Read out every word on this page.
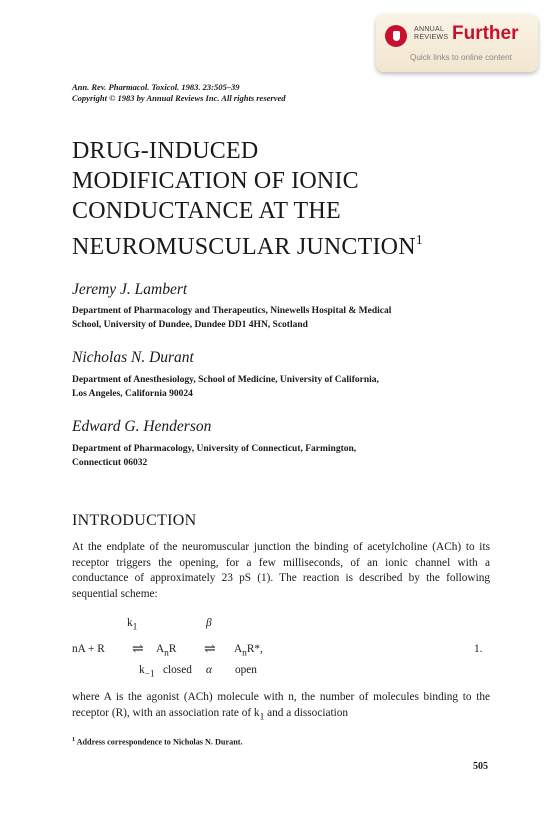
ANNUAL
REVIEWS Further
Quick links to online content
Ann. Rev. Pharmacol. Toxicol. 1983. 23:505–39
Copyright © 1983 by Annual Reviews Inc. All rights reserved
DRUG-INDUCED
MODIFICATION OF IONIC
CONDUCTANCE AT THE
NEUROMUSCULAR JUNCTION$^1$
Jeremy J. Lambert
Department of Pharmacology and Therapeutics, Ninewells Hospital & Medical
School, University of Dundee, Dundee DD1 4HN, Scotland
Nicholas N. Durant
Department of Anesthesiology, School of Medicine, University of California,
Los Angeles, California 90024
Edward G. Henderson
Department of Pharmacology, University of Connecticut, Farmington,
Connecticut 06032
INTRODUCTION

At the endplate of the neuromuscular junction the binding of acetylcholine (ACh) to its receptor triggers the opening, for a few milliseconds, of an ionic channel with a conductance of approximately 23 pS (1). The reaction is described by the following sequential scheme:

$k_1$	β
nA + R ⇌ $A_nR$ ⇌ $A_nR*$,	1.
$k_{-1}$ closed α open

where A is the agonist (ACh) molecule with n, the number of molecules binding to the receptor (R), with an association rate of $k_1$ and a dissociation

$^1$ Address correspondence to Nicholas N. Durant.
505
